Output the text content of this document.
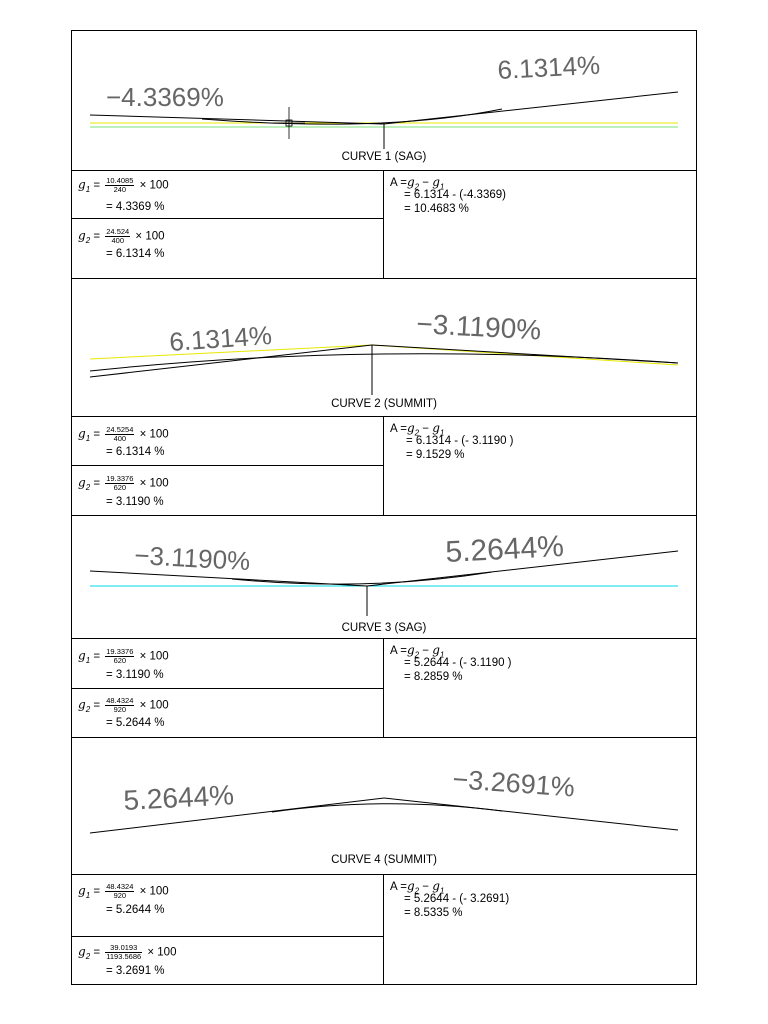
−4.3369%
6.1314%
CURVE 1 (SAG)
$g_1 = \frac{10.4085}{240} \times 100$
= 4.3369 %
$g_2 = \frac{24.524}{400} \times 100$
= 6.1314 %
$A =g_2 - g_1$
= 6.1314 - (-4.3369)
= 10.4683 %
6.1314%	−3.1190%
CURVE 2 (SUMMIT)
$g_1 = \frac{24.5254}{400} \times 100$
= 6.1314 %
$g_2 = \frac{19.3376}{620} \times 100$
= 3.1190 %
$A =g_2 - g_1$
= 6.1314 - (- 3.1190 )
= 9.1529 %
−3.1190%	5.2644%
CURVE 3 (SAG)
$g_1 = \frac{19.3376}{620} \times 100$
= 3.1190 %
$g_2 = \frac{48.4324}{920} \times 100$
= 5.2644 %
$A =g_2 - g_1$
= 5.2644 - (- 3.1190 )
= 8.2859 %
5.2644%	−3.2691%
CURVE 4 (SUMMIT)
$g_1 = \frac{48.4324}{920} \times 100$
= 5.2644 %
$g_2 = \frac{39.0193}{1193.5686} \times 100$
= 3.2691 %
$A =g_2 - g_1$
= 5.2644 - (- 3.2691)
= 8.5335 %
